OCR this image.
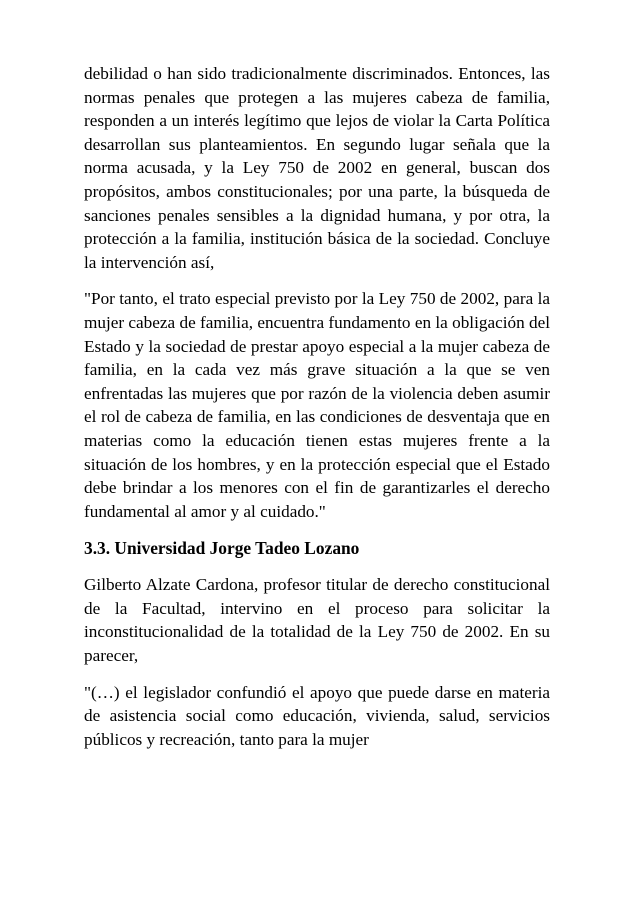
debilidad o han sido tradicionalmente discriminados. Entonces, las normas penales que protegen a las mujeres cabeza de familia, responden a un interés legítimo que lejos de violar la Carta Política desarrollan sus planteamientos. En segundo lugar señala que la norma acusada, y la Ley 750 de 2002 en general, buscan dos propósitos, ambos constitucionales; por una parte, la búsqueda de sanciones penales sensibles a la dignidad humana, y por otra, la protección a la familia, institución básica de la sociedad. Concluye la intervención así,

"Por tanto, el trato especial previsto por la Ley 750 de 2002, para la mujer cabeza de familia, encuentra fundamento en la obligación del Estado y la sociedad de prestar apoyo especial a la mujer cabeza de familia, en la cada vez más grave situación a la que se ven enfrentadas las mujeres que por razón de la violencia deben asumir el rol de cabeza de familia, en las condiciones de desventaja que en materias como la educación tienen estas mujeres frente a la situación de los hombres, y en la protección especial que el Estado debe brindar a los menores con el fin de garantizarles el derecho fundamental al amor y al cuidado."

3.3. Universidad Jorge Tadeo Lozano

Gilberto Alzate Cardona, profesor titular de derecho constitucional de la Facultad, intervino en el proceso para solicitar la inconstitucionalidad de la totalidad de la Ley 750 de 2002. En su parecer,

"(…) el legislador confundió el apoyo que puede darse en materia de asistencia social como educación, vivienda, salud, servicios públicos y recreación, tanto para la mujer
